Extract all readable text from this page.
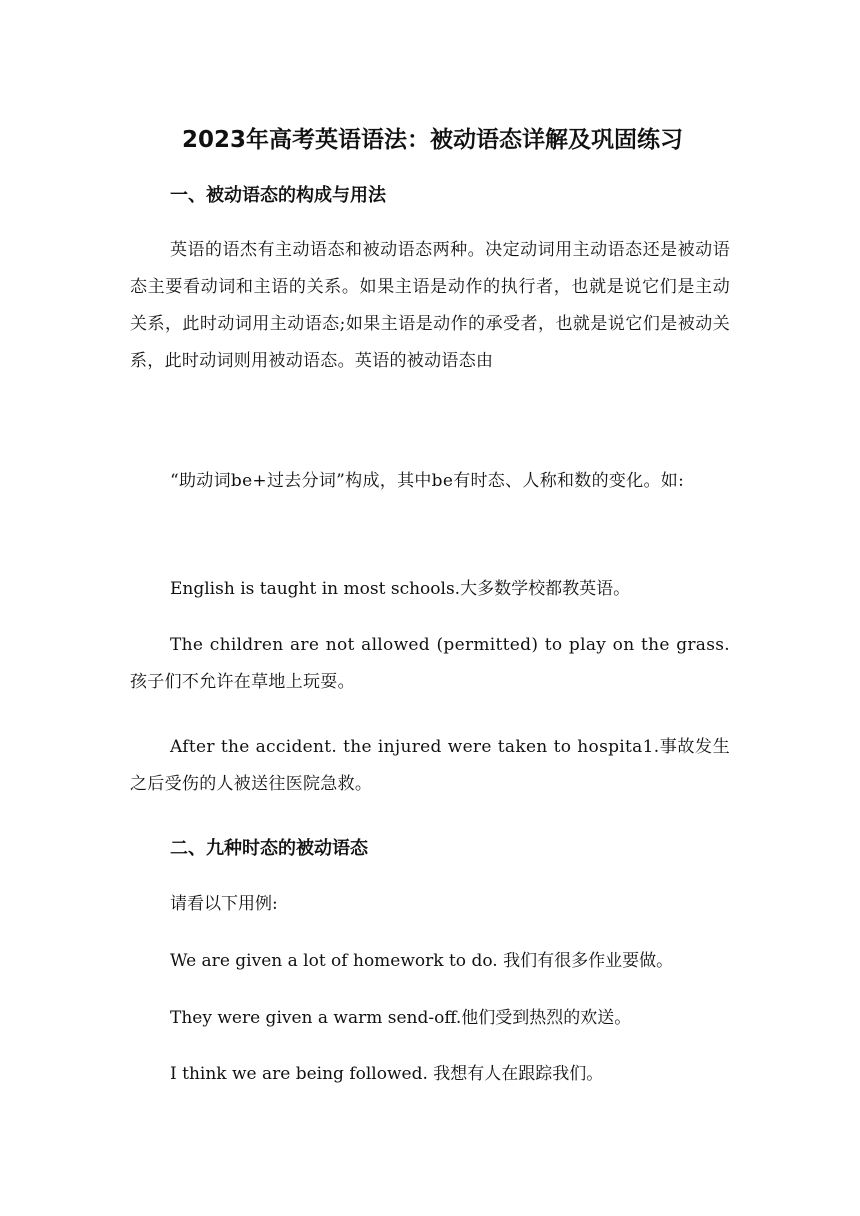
2023年高考英语语法：被动语态详解及巩固练习
一、被动语态的构成与用法
英语的语杰有主动语态和被动语态两种。决定动词用主动语态还是被动语态主要看动词和主语的关系。如果主语是动作的执行者，也就是说它们是主动关系，此时动词用主动语态;如果主语是动作的承受者，也就是说它们是被动关系，此时动词则用被动语态。英语的被动语态由
“助动词be+过去分词”构成，其中be有时态、人称和数的变化。如:
English is taught in most schools.大多数学校都教英语。
The children are not allowed (permitted) to play on the grass.孩子们不允许在草地上玩耍。
After the accident. the injured were taken to hospita1.事故发生之后受伤的人被送往医院急救。
二、九种时态的被动语态
请看以下用例:
We are given a lot of homework to do. 我们有很多作业要做。
They were given a warm send-off.他们受到热烈的欢送。
I think we are being followed. 我想有人在跟踪我们。
